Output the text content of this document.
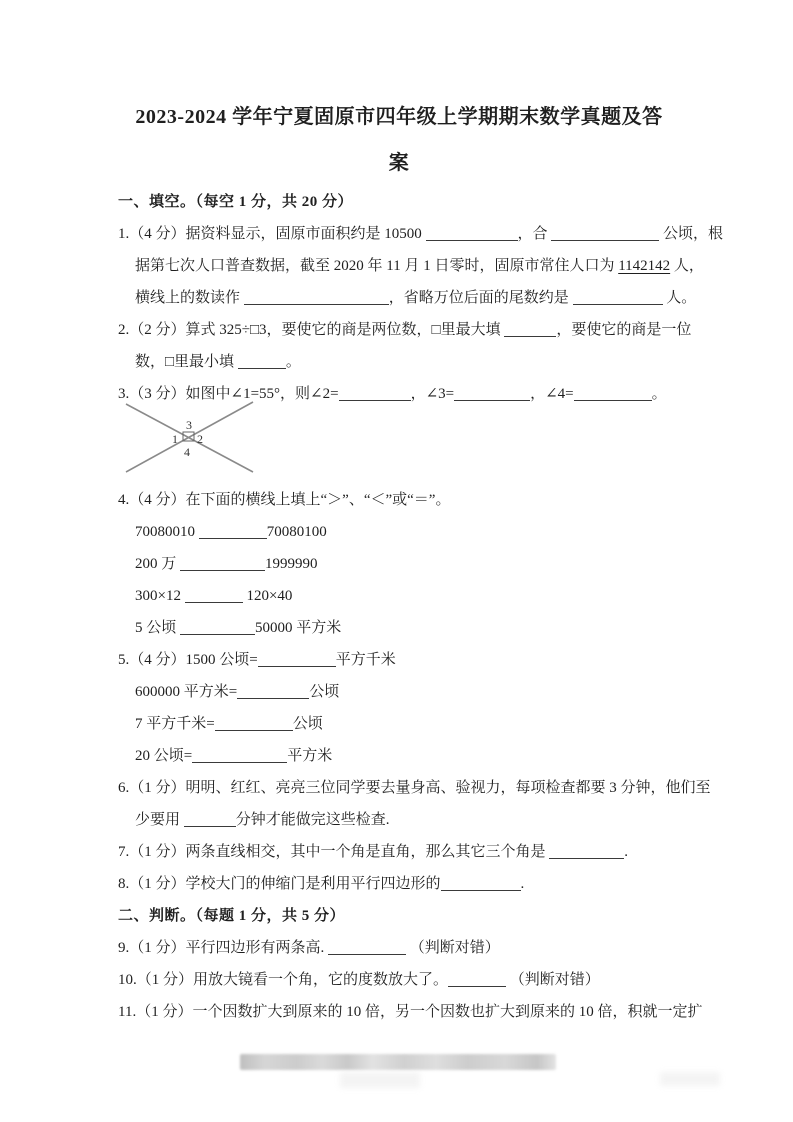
2023-2024 学年宁夏固原市四年级上学期期末数学真题及答
案
一、填空。（每空 1 分，共 20 分）
1.（4 分）据资料显示，固原市面积约是 10500	，合	公顷，根
据第七次人口普查数据，截至 2020 年 11 月 1 日零时，固原市常住人口为 1142142 人，
横线上的数读作	，省略万位后面的尾数约是	人。
2.（2 分）算式 325÷□3，要使它的商是两位数，□里最大填	，要使它的商是一位
数，□里最小填	。
3.（3 分）如图中∠1=55°，则∠2=	，∠3=	，∠4=	。
3
1 2
4
4.（4 分）在下面的横线上填上“＞”、“＜”或“＝”。
70080010	70080100
200 万	1999990
300×12	120×40
5 公顷	50000 平方米
5.（4 分）1500 公顷=	平方千米
600000 平方米=	公顷
7 平方千米=	公顷
20 公顷=	平方米
6.（1 分）明明、红红、亮亮三位同学要去量身高、验视力，每项检查都要 3 分钟，他们至
少要用	分钟才能做完这些检查.
7.（1 分）两条直线相交，其中一个角是直角，那么其它三个角是	.
8.（1 分）学校大门的伸缩门是利用平行四边形的	.
二、判断。（每题 1 分，共 5 分）
9.（1 分）平行四边形有两条高.	（判断对错）
10.（1 分）用放大镜看一个角，它的度数放大了。	（判断对错）
11.（1 分）一个因数扩大到原来的 10 倍，另一个因数也扩大到原来的 10 倍，积就一定扩
